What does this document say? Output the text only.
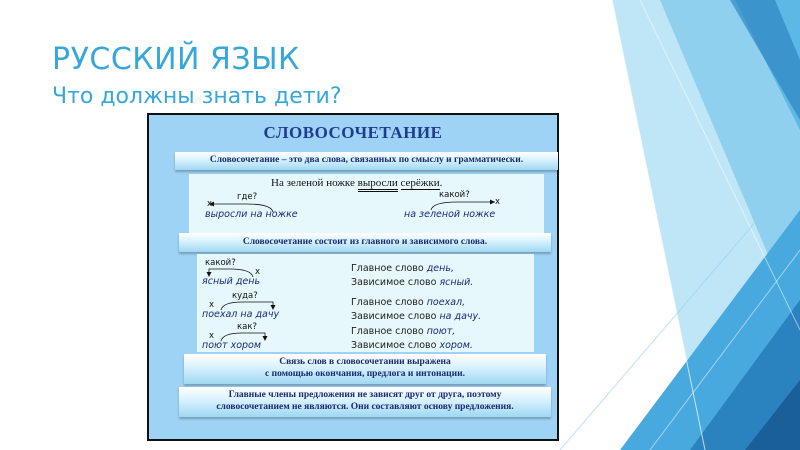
РУССКИЙ ЯЗЫК
Что должны знать дети?
СЛОВОСОЧЕТАНИЕ
Словосочетание – это два слова, связанных по смыслу и грамматически.
На зеленой ножке выросли серёжки.
где?
х
выросли на ножке
какой?
х
на зеленой ножке
Словосочетание состоит из главного и зависимого слова.
какой?
х
ясный день
куда?
х
поехал на дачу
как?
х
поют хором
Главное слово день,
Зависимое слово ясный.
Главное слово поехал,
Зависимое слово на дачу.
Главное слово поют,
Зависимое слово хором.
Связь слов в словосочетании выражена
с помощью окончания, предлога и интонации.
Главные члены предложения не зависят друг от друга, поэтому
словосочетанием не являются. Они составляют основу предложения.
